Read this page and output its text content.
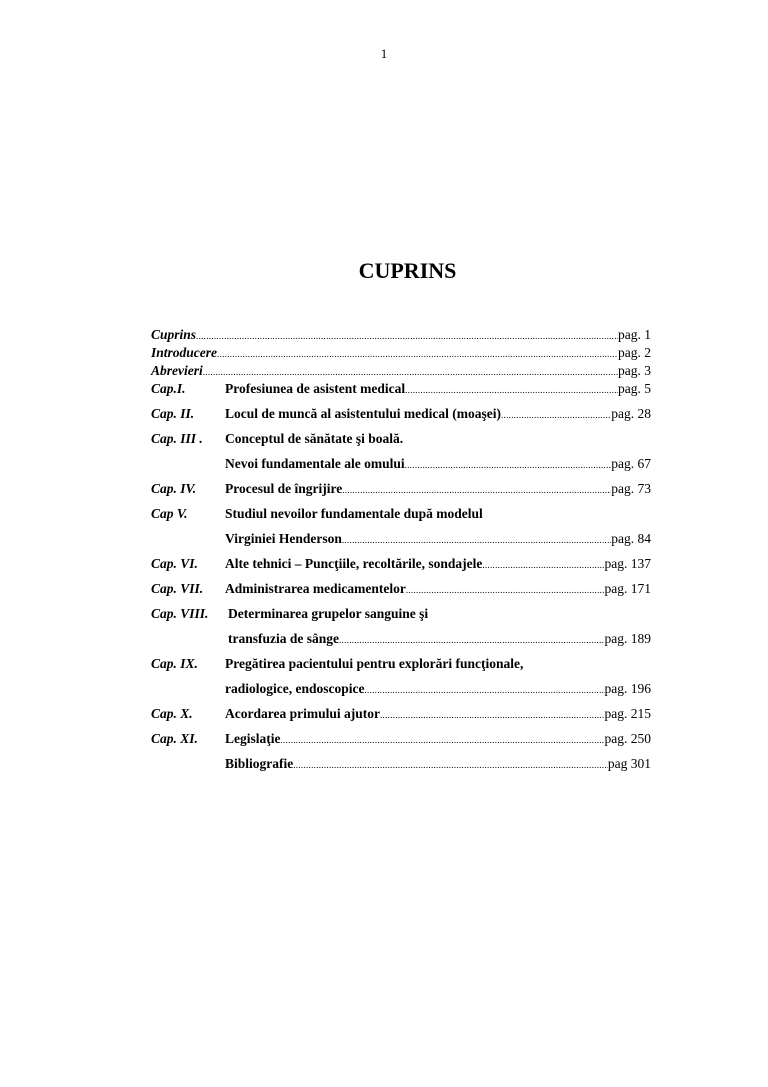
1
CUPRINS
Cuprins .....	pag. 1
Introducere .....	pag. 2
Abrevieri .....	pag. 3
Cap.I.	Profesiunea de asistent medical .....	pag. 5
Cap. II.	Locul de muncă al asistentului medical (moaşei) .....	pag. 28
Cap. III .	Conceptul de sănătate şi boală.
Nevoi fundamentale ale omului .....	pag. 67
Cap. IV.	Procesul de îngrijire .....	pag. 73
Cap V.	Studiul nevoilor fundamentale după modelul
Virginiei Henderson .....	pag. 84
Cap. VI.	Alte tehnici – Puncţiile, recoltările, sondajele .....	pag. 137
Cap. VII.	Administrarea medicamentelor .....	pag. 171
Cap. VIII.	Determinarea grupelor sanguine şi
transfuzia de sânge .....	pag. 189
Cap. IX.	Pregătirea pacientului pentru explorări funcţionale,
radiologice, endoscopice .....	pag. 196
Cap. X.	Acordarea primului ajutor .....	pag. 215
Cap. XI.	Legislaţie .....	pag. 250
Bibliografie .....	pag 301
